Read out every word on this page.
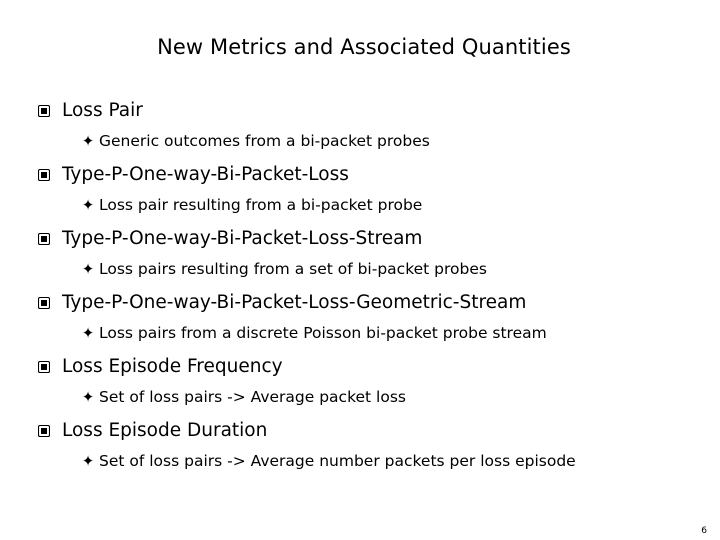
New Metrics and Associated Quantities
Loss Pair
✦ Generic outcomes from a bi-packet probes
Type-P-One-way-Bi-Packet-Loss
✦ Loss pair resulting from a bi-packet probe
Type-P-One-way-Bi-Packet-Loss-Stream
✦ Loss pairs resulting from a set of bi-packet probes
Type-P-One-way-Bi-Packet-Loss-Geometric-Stream
✦ Loss pairs from a discrete Poisson bi-packet probe stream
Loss Episode Frequency
✦ Set of loss pairs -> Average packet loss
Loss Episode Duration
✦ Set of loss pairs -> Average number packets per loss episode
6
